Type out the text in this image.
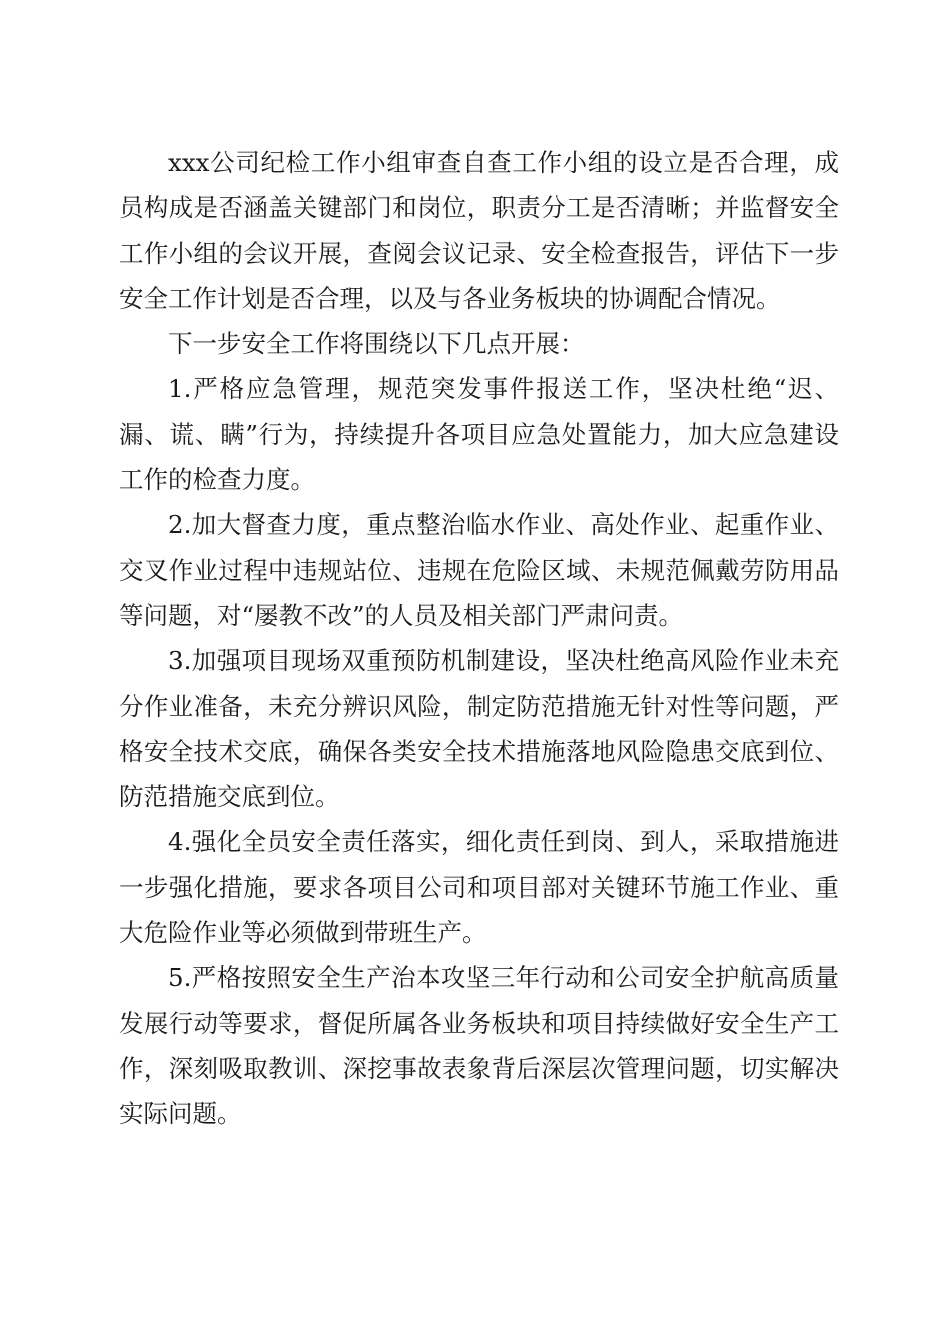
xxx公司纪检工作小组审查自查工作小组的设立是否合理，成员构成是否涵盖关键部门和岗位，职责分工是否清晰；并监督安全工作小组的会议开展，查阅会议记录、安全检查报告，评估下一步安全工作计划是否合理，以及与各业务板块的协调配合情况。

下一步安全工作将围绕以下几点开展：

1.严格应急管理，规范突发事件报送工作，坚决杜绝“迟、漏、谎、瞒”行为，持续提升各项目应急处置能力，加大应急建设工作的检查力度。

2.加大督查力度，重点整治临水作业、高处作业、起重作业、交叉作业过程中违规站位、违规在危险区域、未规范佩戴劳防用品等问题，对“屡教不改”的人员及相关部门严肃问责。

3.加强项目现场双重预防机制建设，坚决杜绝高风险作业未充分作业准备，未充分辨识风险，制定防范措施无针对性等问题，严格安全技术交底，确保各类安全技术措施落地风险隐患交底到位、防范措施交底到位。

4.强化全员安全责任落实，细化责任到岗、到人，采取措施进一步强化措施，要求各项目公司和项目部对关键环节施工作业、重大危险作业等必须做到带班生产。

5.严格按照安全生产治本攻坚三年行动和公司安全护航高质量发展行动等要求，督促所属各业务板块和项目持续做好安全生产工作，深刻吸取教训、深挖事故表象背后深层次管理问题，切实解决实际问题。
